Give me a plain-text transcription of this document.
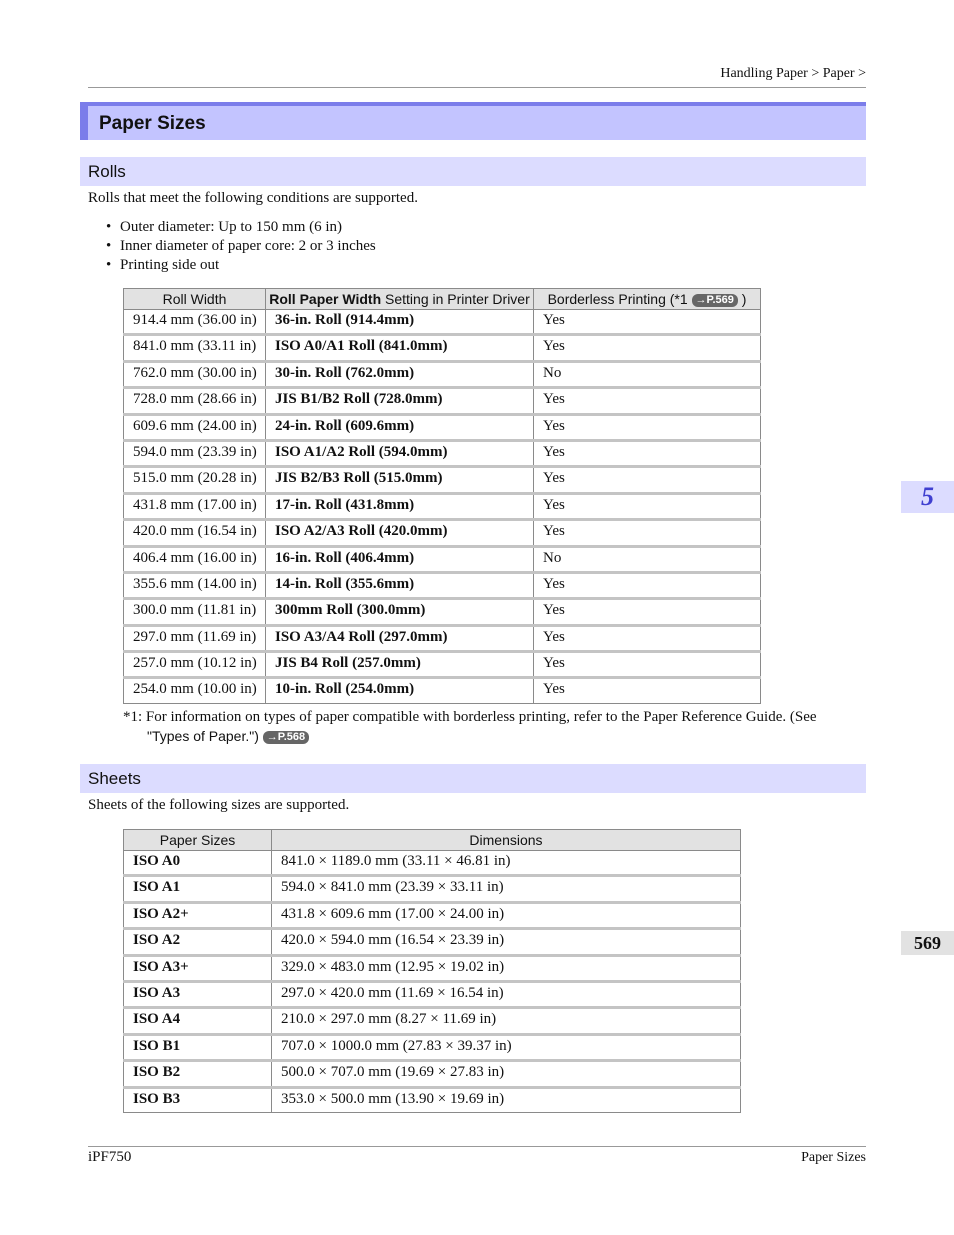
Handling Paper > Paper >
Paper Sizes
Rolls
Rolls that meet the following conditions are supported.
• Outer diameter: Up to 150 mm (6 in)
• Inner diameter of paper core: 2 or 3 inches
• Printing side out
Roll Width	Roll Paper Width Setting in Printer Driver	Borderless Printing (*1 →P.569 )
914.4 mm (36.00 in)	36-in. Roll (914.4mm)	Yes
841.0 mm (33.11 in)	ISO A0/A1 Roll (841.0mm)	Yes
762.0 mm (30.00 in)	30-in. Roll (762.0mm)	No
728.0 mm (28.66 in)	JIS B1/B2 Roll (728.0mm)	Yes
609.6 mm (24.00 in)	24-in. Roll (609.6mm)	Yes
594.0 mm (23.39 in)	ISO A1/A2 Roll (594.0mm)	Yes
515.0 mm (20.28 in)	JIS B2/B3 Roll (515.0mm)	Yes
431.8 mm (17.00 in)	17-in. Roll (431.8mm)	Yes
420.0 mm (16.54 in)	ISO A2/A3 Roll (420.0mm)	Yes
406.4 mm (16.00 in)	16-in. Roll (406.4mm)	No
355.6 mm (14.00 in)	14-in. Roll (355.6mm)	Yes
300.0 mm (11.81 in)	300mm Roll (300.0mm)	Yes
297.0 mm (11.69 in)	ISO A3/A4 Roll (297.0mm)	Yes
257.0 mm (10.12 in)	JIS B4 Roll (257.0mm)	Yes
254.0 mm (10.00 in)	10-in. Roll (254.0mm)	Yes
*1: For information on types of paper compatible with borderless printing, refer to the Paper Reference Guide. (See
"Types of Paper.") →P.568
Sheets
Sheets of the following sizes are supported.
Paper Sizes	Dimensions
ISO A0	841.0 × 1189.0 mm (33.11 × 46.81 in)
ISO A1	594.0 × 841.0 mm (23.39 × 33.11 in)
ISO A2+	431.8 × 609.6 mm (17.00 × 24.00 in)
ISO A2	420.0 × 594.0 mm (16.54 × 23.39 in)
ISO A3+	329.0 × 483.0 mm (12.95 × 19.02 in)
ISO A3	297.0 × 420.0 mm (11.69 × 16.54 in)
ISO A4	210.0 × 297.0 mm (8.27 × 11.69 in)
ISO B1	707.0 × 1000.0 mm (27.83 × 39.37 in)
ISO B2	500.0 × 707.0 mm (19.69 × 27.83 in)
ISO B3	353.0 × 500.0 mm (13.90 × 19.69 in)
5
569
iPF750	Paper Sizes
